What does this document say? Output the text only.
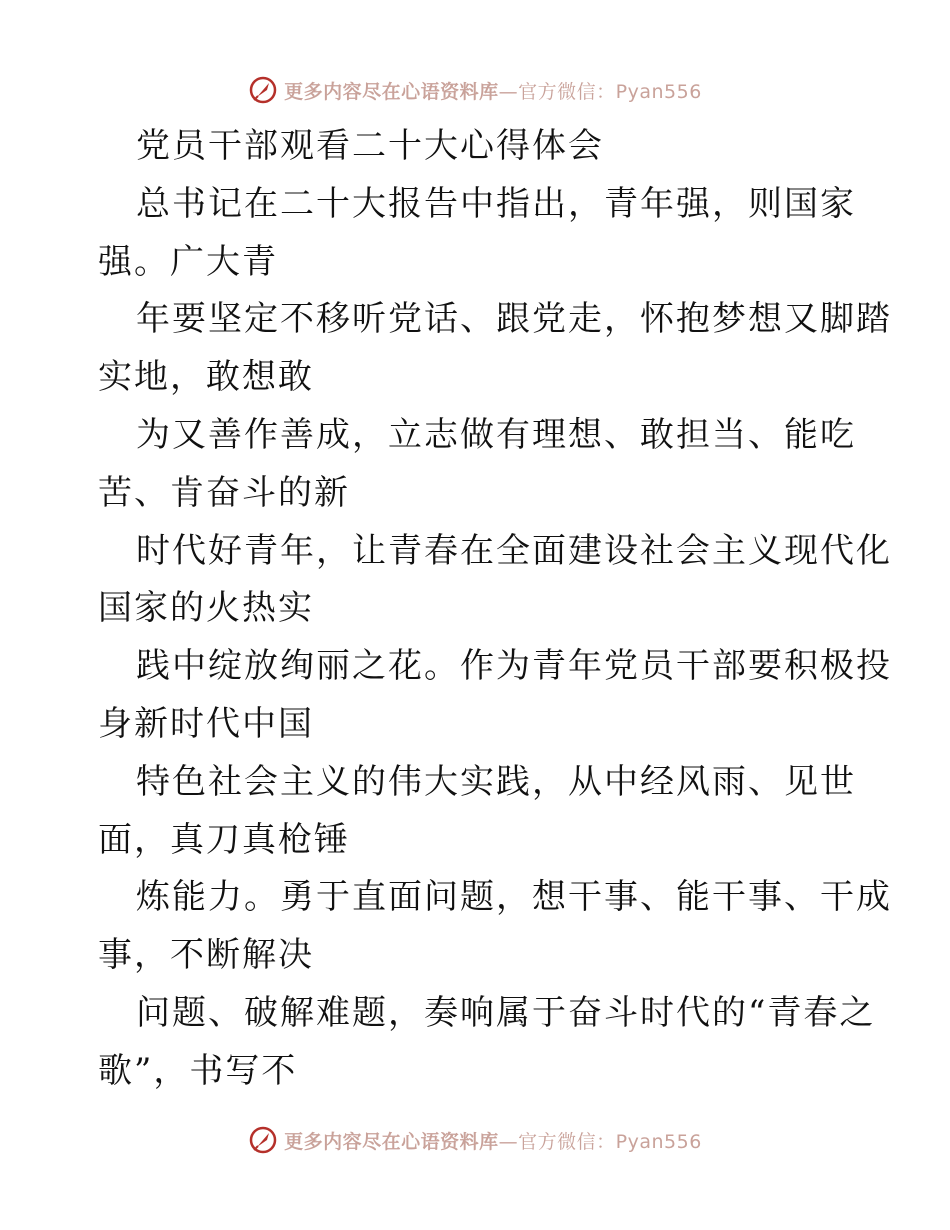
更多内容尽在心语资料库—官方微信：Pyan556
党员干部观看二十大心得体会
总书记在二十大报告中指出，青年强，则国家
强。广大青
年要坚定不移听党话、跟党走，怀抱梦想又脚踏
实地，敢想敢
为又善作善成，立志做有理想、敢担当、能吃
苦、肯奋斗的新
时代好青年，让青春在全面建设社会主义现代化
国家的火热实
践中绽放绚丽之花。作为青年党员干部要积极投
身新时代中国
特色社会主义的伟大实践，从中经风雨、见世
面，真刀真枪锤
炼能力。勇于直面问题，想干事、能干事、干成
事，不断解决
问题、破解难题，奏响属于奋斗时代的“青春之
歌”，书写不
更多内容尽在心语资料库—官方微信：Pyan556
